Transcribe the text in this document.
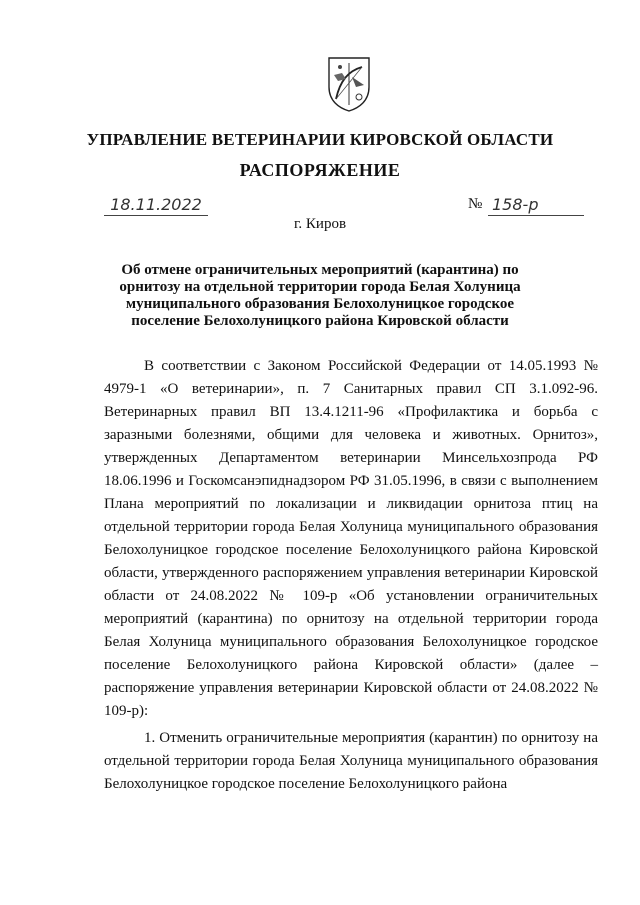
УПРАВЛЕНИЕ ВЕТЕРИНАРИИ КИРОВСКОЙ ОБЛАСТИ
РАСПОРЯЖЕНИЕ
18.11.2022	№ 158-р
г. Киров
Об отмене ограничительных мероприятий (карантина) по орнитозу на отдельной территории города Белая Холуница муниципального образования Белохолуницкое городское поселение Белохолуницкого района Кировской области

В соответствии с Законом Российской Федерации от 14.05.1993 № 4979-1 «О ветеринарии», п. 7 Санитарных правил СП 3.1.092-96. Ветеринарных правил ВП 13.4.1211-96 «Профилактика и борьба с заразными болезнями, общими для человека и животных. Орнитоз», утвержденных Департаментом ветеринарии Минсельхозпрода РФ 18.06.1996 и Госкомсанэпиднадзором РФ 31.05.1996, в связи с выполнением Плана мероприятий по локализации и ликвидации орнитоза птиц на отдельной территории города Белая Холуница муниципального образования Белохолуницкое городское поселение Белохолуницкого района Кировской области, утвержденного распоряжением управления ветеринарии Кировской области от 24.08.2022 № 109-р «Об установлении ограничительных мероприятий (карантина) по орнитозу на отдельной территории города Белая Холуница муниципального образования Белохолуницкое городское поселение Белохолуницкого района Кировской области» (далее – распоряжение управления ветеринарии Кировской области от 24.08.2022 № 109-р):

1. Отменить ограничительные мероприятия (карантин) по орнитозу на отдельной территории города Белая Холуница муниципального образования Белохолуницкое городское поселение Белохолуницкого района
